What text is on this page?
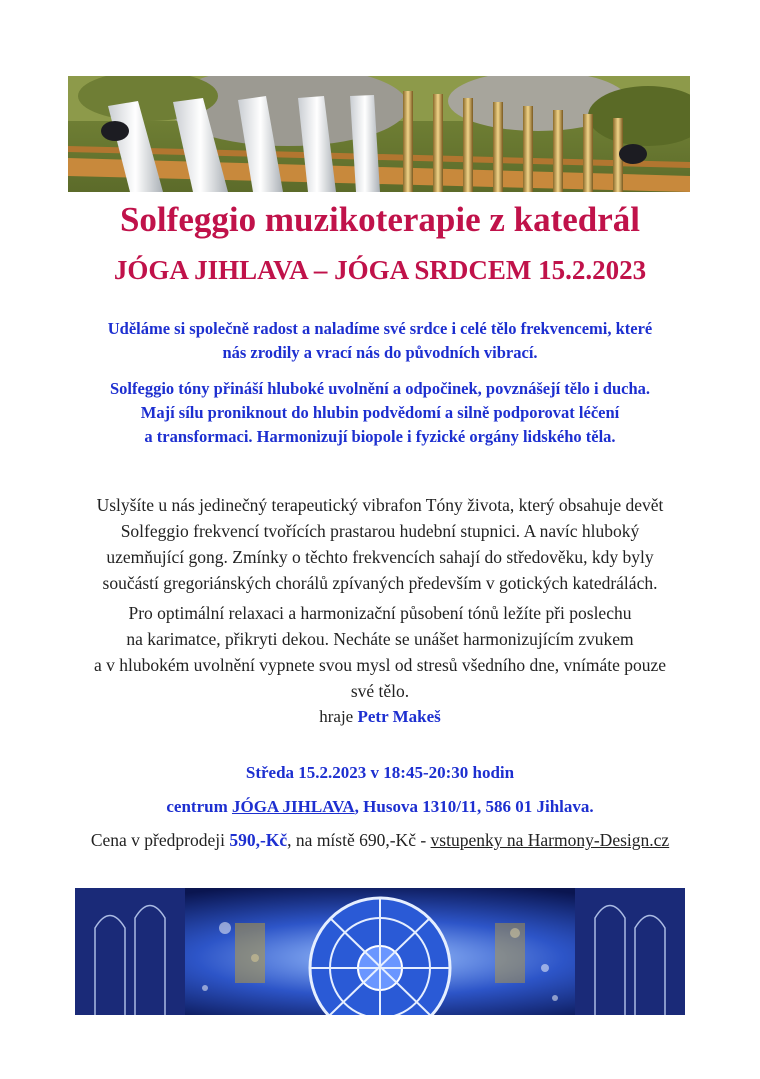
Solfeggio muzikoterapie z katedrál
JÓGA JIHLAVA – JÓGA SRDCEM 15.2.2023
Uděláme si společně radost a naladíme své srdce i celé tělo frekvencemi, které
nás zrodily a vrací nás do původních vibrací.
Solfeggio tóny přináší hluboké uvolnění a odpočinek, povznášejí tělo i ducha.
Mají sílu proniknout do hlubin podvědomí a silně podporovat léčení
a transformaci. Harmonizují biopole i fyzické orgány lidského těla.
Uslyšíte u nás jedinečný terapeutický vibrafon Tóny života, který obsahuje devět
Solfeggio frekvencí tvořících prastarou hudební stupnici. A navíc hluboký
uzemňující gong. Zmínky o těchto frekvencích sahají do středověku, kdy byly
součástí gregoriánských chorálů zpívaných především v gotických katedrálách.
Pro optimální relaxaci a harmonizační působení tónů ležíte při poslechu
na karimatce, přikryti dekou. Necháte se unášet harmonizujícím zvukem
a v hlubokém uvolnění vypnete svou mysl od stresů všedního dne, vnímáte pouze
své tělo.
hraje Petr Makeš
Středa 15.2.2023 v 18:45-20:30 hodin
centrum JÓGA JIHLAVA, Husova 1310/11, 586 01 Jihlava.
Cena v předprodeji 590,-Kč, na místě 690,-Kč - vstupenky na Harmony-Design.cz
